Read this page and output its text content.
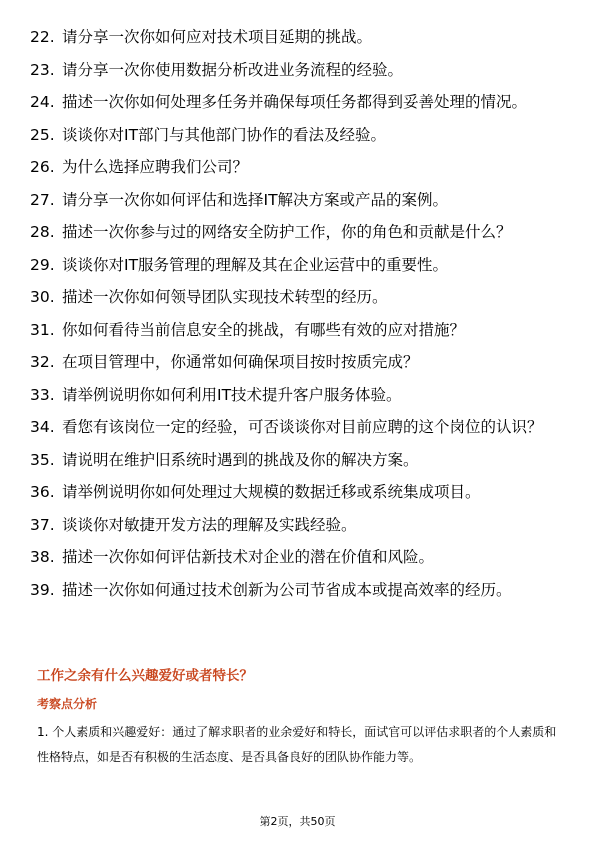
22. 请分享一次你如何应对技术项目延期的挑战。
23. 请分享一次你使用数据分析改进业务流程的经验。
24. 描述一次你如何处理多任务并确保每项任务都得到妥善处理的情况。
25. 谈谈你对IT部门与其他部门协作的看法及经验。
26. 为什么选择应聘我们公司？
27. 请分享一次你如何评估和选择IT解决方案或产品的案例。
28. 描述一次你参与过的网络安全防护工作，你的角色和贡献是什么？
29. 谈谈你对IT服务管理的理解及其在企业运营中的重要性。
30. 描述一次你如何领导团队实现技术转型的经历。
31. 你如何看待当前信息安全的挑战，有哪些有效的应对措施？
32. 在项目管理中，你通常如何确保项目按时按质完成？
33. 请举例说明你如何利用IT技术提升客户服务体验。
34. 看您有该岗位一定的经验，可否谈谈你对目前应聘的这个岗位的认识？
35. 请说明在维护旧系统时遇到的挑战及你的解决方案。
36. 请举例说明你如何处理过大规模的数据迁移或系统集成项目。
37. 谈谈你对敏捷开发方法的理解及实践经验。
38. 描述一次你如何评估新技术对企业的潜在价值和风险。
39. 描述一次你如何通过技术创新为公司节省成本或提高效率的经历。
工作之余有什么兴趣爱好或者特长？
考察点分析

1. 个人素质和兴趣爱好：通过了解求职者的业余爱好和特长，面试官可以评估求职者的个人素质和性格特点，如是否有积极的生活态度、是否具备良好的团队协作能力等。

第2页，共50页
